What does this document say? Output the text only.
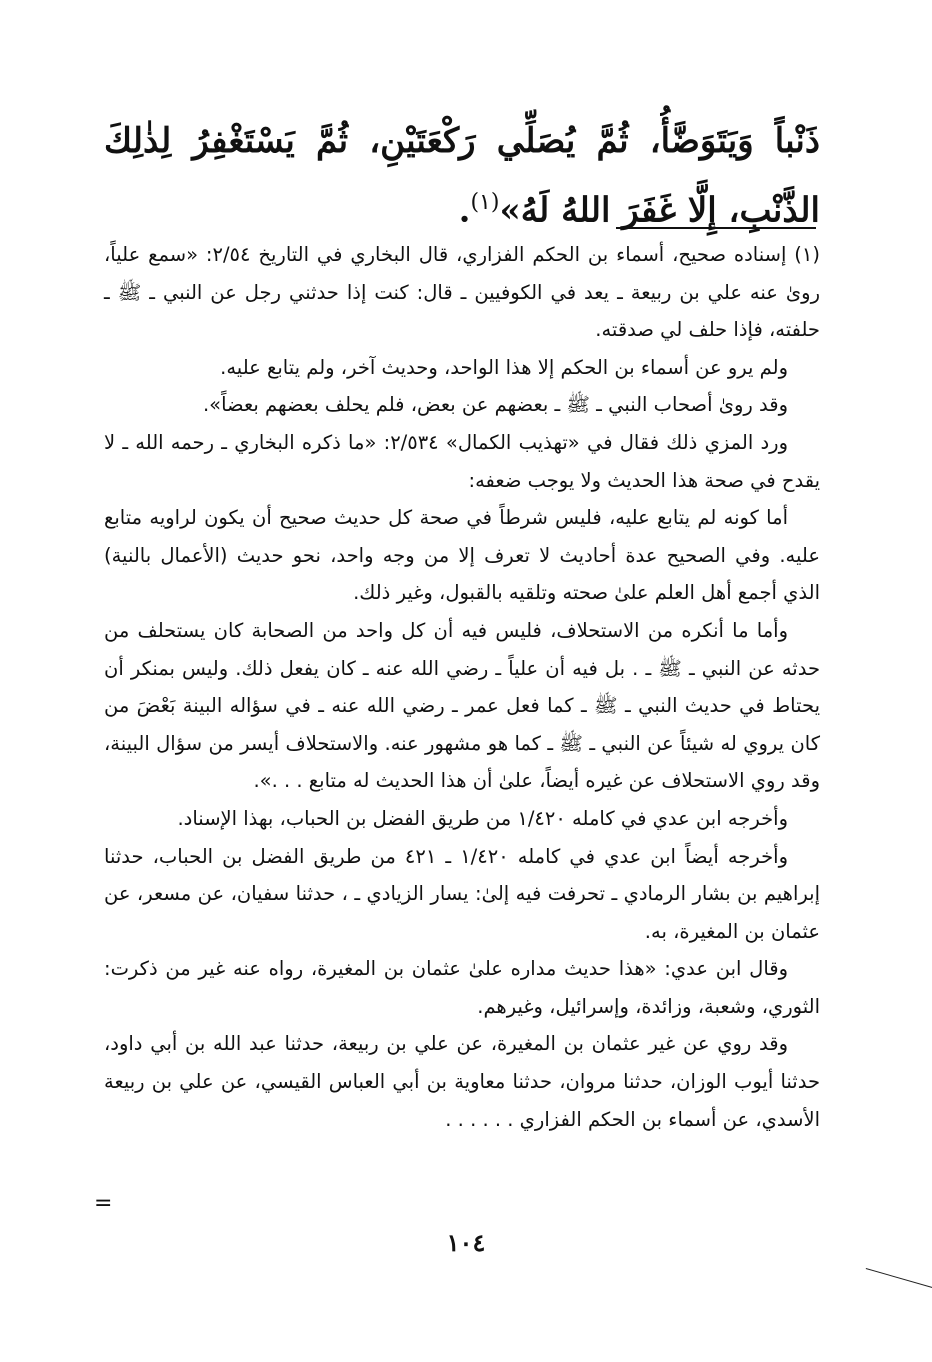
ذَنْباً وَيَتَوَضَّأُ، ثُمَّ يُصَلِّي رَكْعَتَيْنِ، ثُمَّ يَسْتَغْفِرُ لِذٰلِكَ الذَّنْبِ، إِلَّا غَفَرَ اللهُ لَهُ»$^{(١)}$.

(١) إسناده صحيح، أسماء بن الحكم الفزاري، قال البخاري في التاريخ ٢/٥٤: «سمع علياً، روىٰ عنه علي بن ربيعة ـ يعد في الكوفيين ـ قال: كنت إذا حدثني رجل عن النبي ـ ﷺ ـ حلفته، فإذا حلف لي صدقته.

ولم يرو عن أسماء بن الحكم إلا هذا الواحد، وحديث آخر، ولم يتابع عليه.

وقد روىٰ أصحاب النبي ـ ﷺ ـ بعضهم عن بعض، فلم يحلف بعضهم بعضاً».

ورد المزي ذلك فقال في «تهذيب الكمال» ٢/٥٣٤: «ما ذكره البخاري ـ رحمه الله ـ لا يقدح في صحة هذا الحديث ولا يوجب ضعفه:

أما كونه لم يتابع عليه، فليس شرطاً في صحة كل حديث صحيح أن يكون لراويه متابع عليه. وفي الصحيح عدة أحاديث لا تعرف إلا من وجه واحد، نحو حديث (الأعمال بالنية) الذي أجمع أهل العلم علىٰ صحته وتلقيه بالقبول، وغير ذلك.

وأما ما أنكره من الاستحلاف، فليس فيه أن كل واحد من الصحابة كان يستحلف من حدثه عن النبي ـ ﷺ ـ . بل فيه أن علياً ـ رضي الله عنه ـ كان يفعل ذلك. وليس بمنكر أن يحتاط في حديث النبي ـ ﷺ ـ كما فعل عمر ـ رضي الله عنه ـ في سؤاله البينة بَعْضَ من كان يروي له شيئاً عن النبي ـ ﷺ ـ كما هو مشهور عنه. والاستحلاف أيسر من سؤال البينة، وقد روي الاستحلاف عن غيره أيضاً، علىٰ أن هذا الحديث له متابع . . .».

وأخرجه ابن عدي في كامله ١/٤٢٠ من طريق الفضل بن الحباب، بهذا الإسناد.

وأخرجه أيضاً ابن عدي في كامله ١/٤٢٠ ـ ٤٢١ من طريق الفضل بن الحباب، حدثنا إبراهيم بن بشار الرمادي ـ تحرفت فيه إلىٰ: يسار الزيادي ـ ، حدثنا سفيان، عن مسعر، عن عثمان بن المغيرة، به.

وقال ابن عدي: «هذا حديث مداره علىٰ عثمان بن المغيرة، رواه عنه غير من ذكرت: الثوري، وشعبة، وزائدة، وإسرائيل، وغيرهم.

وقد روي عن غير عثمان بن المغيرة، عن علي بن ربيعة، حدثنا عبد الله بن أبي داود، حدثنا أيوب الوزان، حدثنا مروان، حدثنا معاوية بن أبي العباس القيسي، عن علي بن ربيعة الأسدي، عن أسماء بن الحكم الفزاري . . . . . .

=
١٠٤
